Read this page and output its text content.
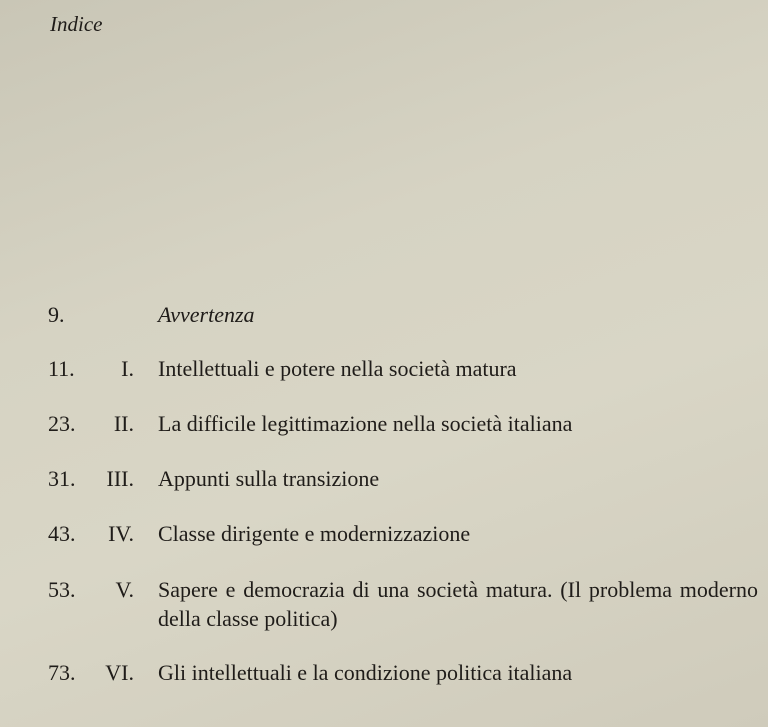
Indice
9.	Avvertenza
11. I. Intellettuali e potere nella società matura
23. II. La difficile legittimazione nella società italiana
31. III. Appunti sulla transizione
43. IV. Classe dirigente e modernizzazione
53. V. Sapere e democrazia di una società matura. (Il problema moderno della classe politica)
73. VI. Gli intellettuali e la condizione politica italiana
